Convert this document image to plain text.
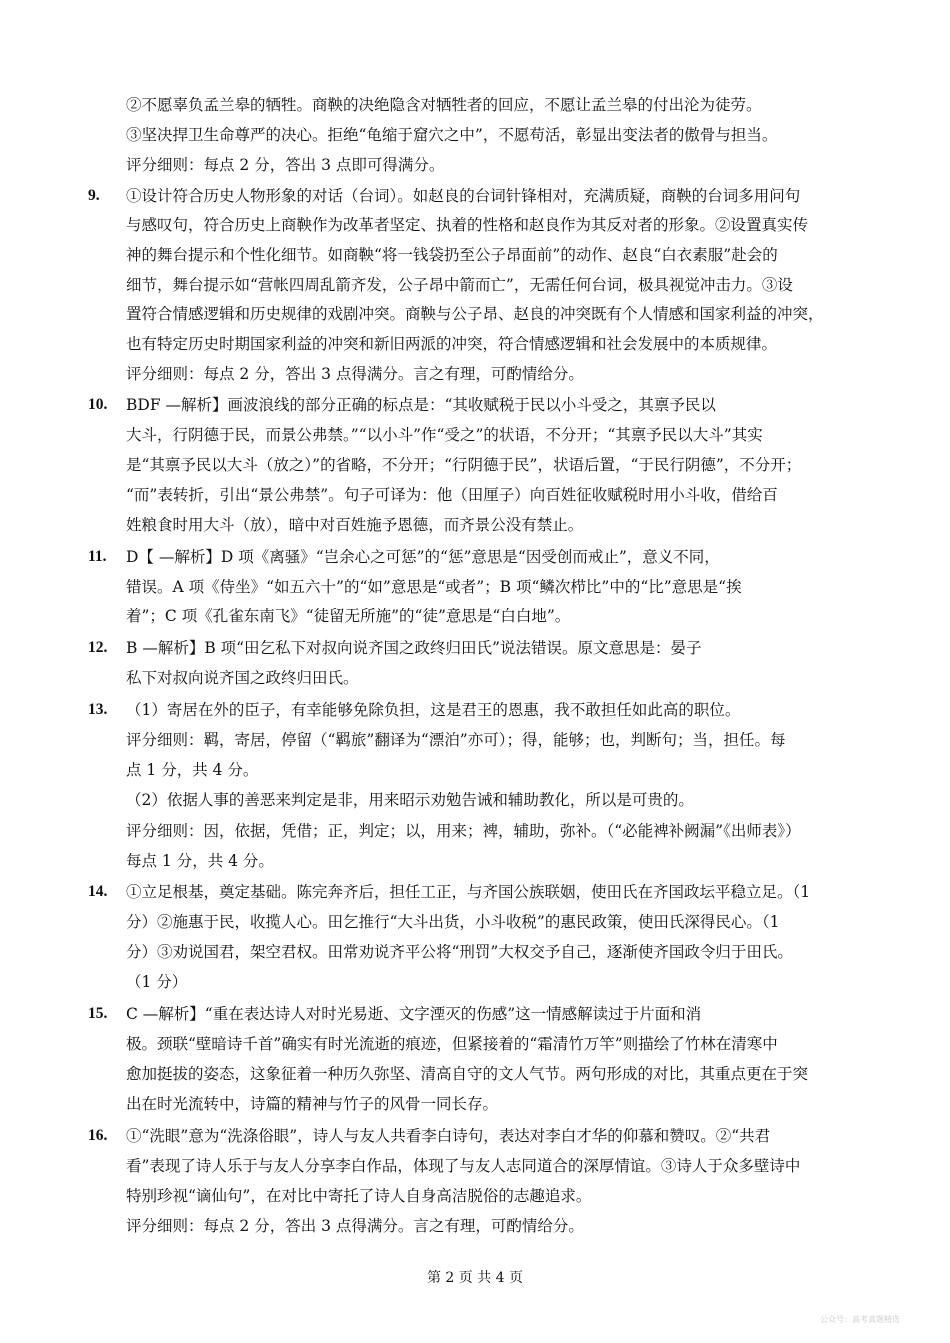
②不愿辜负孟兰皋的牺牲。商鞅的决绝隐含对牺牲者的回应，不愿让孟兰皋的付出沦为徒劳。
③坚决捍卫生命尊严的决心。拒绝“龟缩于窟穴之中”，不愿苟活，彰显出变法者的傲骨与担当。
评分细则：每点 2 分，答出 3 点即可得满分。
①设计符合历史人物形象的对话（台词）。如赵良的台词针锋相对，充满质疑，商鞅的台词多用问句
与感叹句，符合历史上商鞅作为改革者坚定、执着的性格和赵良作为其反对者的形象。②设置真实传
神的舞台提示和个性化细节。如商鞅“将一钱袋扔至公子昂面前”的动作、赵良“白衣素服”赴会的
细节，舞台提示如“营帐四周乱箭齐发，公子昂中箭而亡”，无需任何台词，极具视觉冲击力。③设
置符合情感逻辑和历史规律的戏剧冲突。商鞅与公子昂、赵良的冲突既有个人情感和国家利益的冲突，
也有特定历史时期国家利益的冲突和新旧两派的冲突，符合情感逻辑和社会发展中的本质规律。
评分细则：每点 2 分，答出 3 点得满分。言之有理，可酌情给分。
BDF —解析】画波浪线的部分正确的标点是：“其收赋税于民以小斗受之，其禀予民以
大斗，行阴德于民，而景公弗禁。”“以小斗”作“受之”的状语，不分开；“其禀予民以大斗”其实
是“其禀予民以大斗（放之）”的省略，不分开；“行阴德于民”，状语后置，“于民行阴德”，不分开；
“而”表转折，引出“景公弗禁”。句子可译为：他（田厘子）向百姓征收赋税时用小斗收，借给百
姓粮食时用大斗（放），暗中对百姓施予恩德，而齐景公没有禁止。
D【 —解析】D 项《离骚》“岂余心之可惩”的“惩”意思是“因受创而戒止”，意义不同，
错误。A 项《侍坐》“如五六十”的“如”意思是“或者”；B 项“鳞次栉比”中的“比”意思是“挨
着”；C 项《孔雀东南飞》“徒留无所施”的“徒”意思是“白白地”。
B —解析】B 项“田乞私下对叔向说齐国之政终归田氏”说法错误。原文意思是：晏子
私下对叔向说齐国之政终归田氏。
（1）寄居在外的臣子，有幸能够免除负担，这是君王的恩惠，我不敢担任如此高的职位。
评分细则：羁，寄居，停留（“羁旅”翻译为“漂泊”亦可）；得，能够；也，判断句；当，担任。每
点 1 分，共 4 分。
（2）依据人事的善恶来判定是非，用来昭示劝勉告诫和辅助教化，所以是可贵的。
评分细则：因，依据，凭借；正，判定；以，用来；裨，辅助，弥补。（“必能裨补阙漏”《出师表》）
每点 1 分，共 4 分。
①立足根基，奠定基础。陈完奔齐后，担任工正，与齐国公族联姻，使田氏在齐国政坛平稳立足。（1
分）②施惠于民，收揽人心。田乞推行“大斗出货，小斗收税”的惠民政策，使田氏深得民心。（1
分）③劝说国君，架空君权。田常劝说齐平公将“刑罚”大权交予自己，逐渐使齐国政令归于田氏。
（1 分）
C —解析】“重在表达诗人对时光易逝、文字湮灭的伤感”这一情感解读过于片面和消
极。颈联“壁暗诗千首”确实有时光流逝的痕迹，但紧接着的“霜清竹万竿”则描绘了竹林在清寒中
愈加挺拔的姿态，这象征着一种历久弥坚、清高自守的文人气节。两句形成的对比，其重点更在于突
出在时光流转中，诗篇的精神与竹子的风骨一同长存。
①“洗眼”意为“洗涤俗眼”，诗人与友人共看李白诗句，表达对李白才华的仰慕和赞叹。②“共君
看”表现了诗人乐于与友人分享李白作品，体现了与友人志同道合的深厚情谊。③诗人于众多壁诗中
特别珍视“谪仙句”，在对比中寄托了诗人自身高洁脱俗的志趣追求。
评分细则：每点 2 分，答出 3 点得满分。言之有理，可酌情给分。
9.
10.
11.
12.
13.
14.
15.
16.
第 2 页 共 4 页
公众号：高考真题精选
